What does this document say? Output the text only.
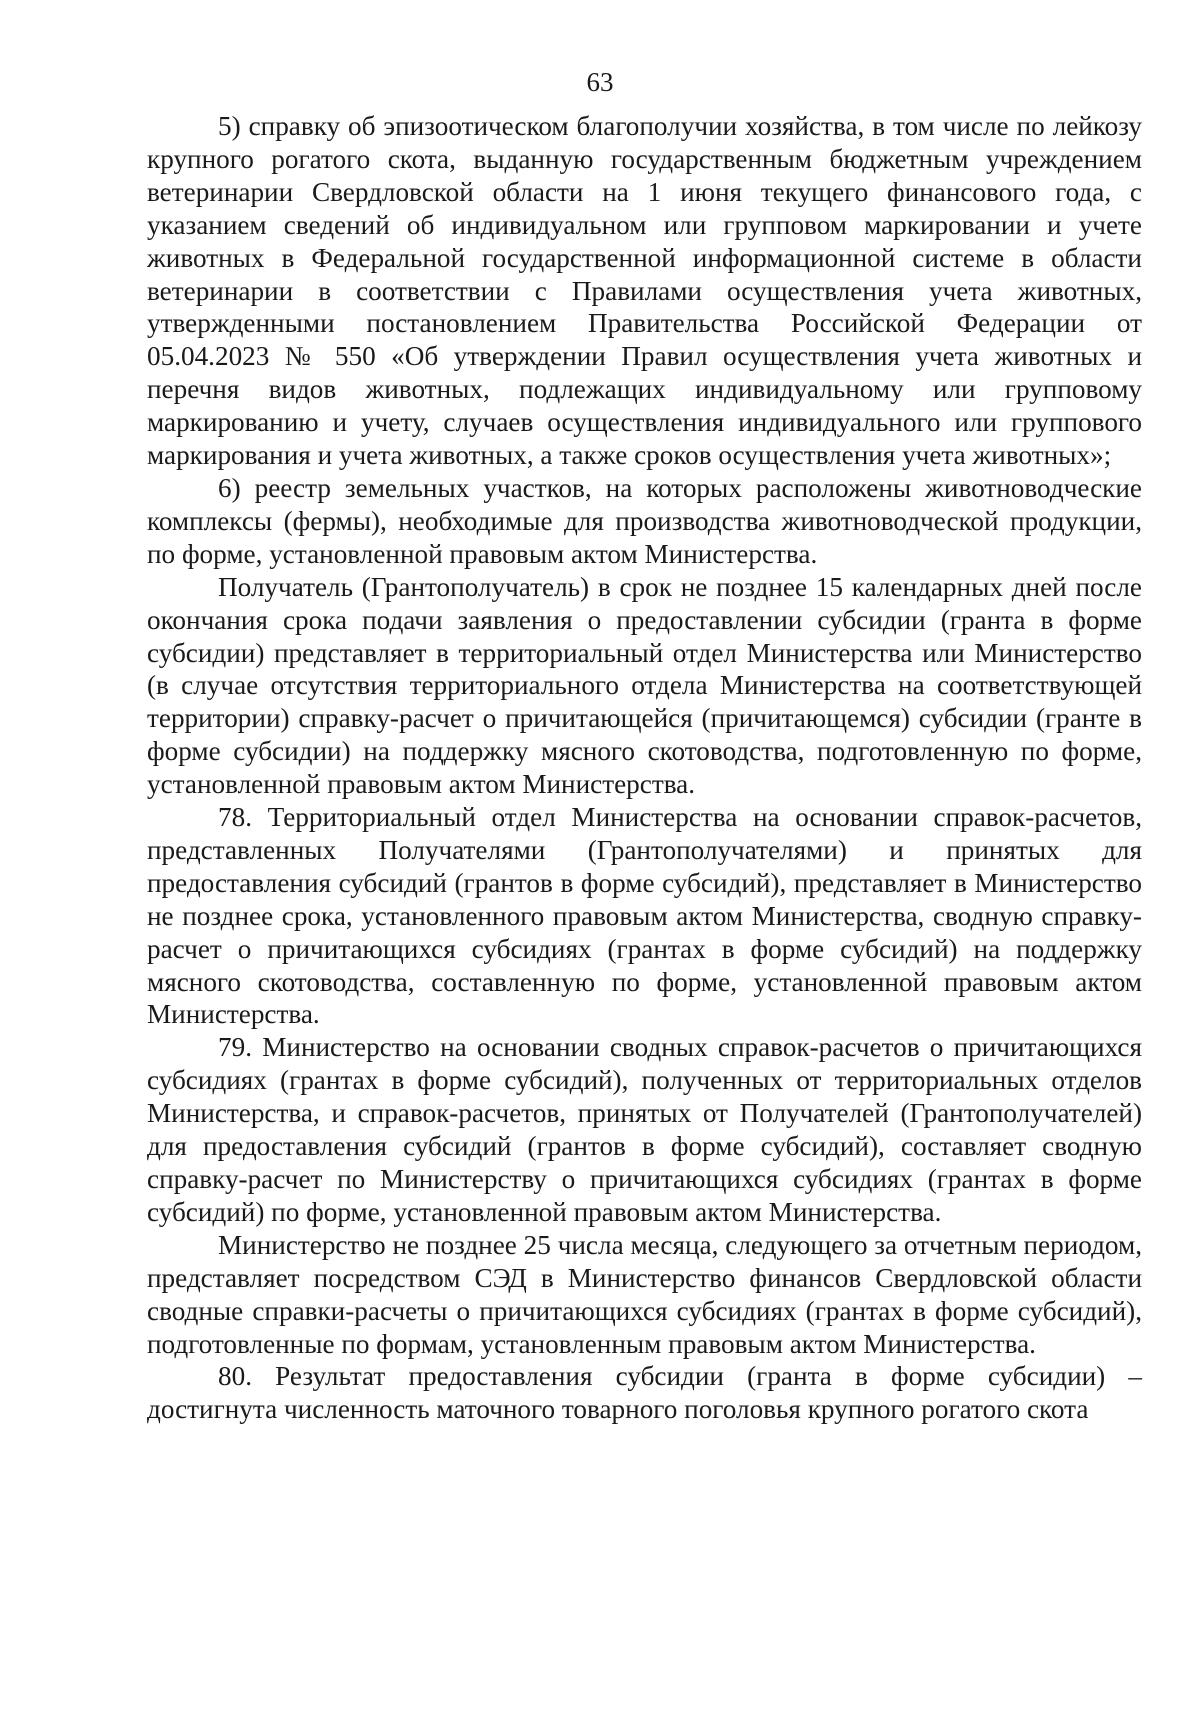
63

5) справку об эпизоотическом благополучии хозяйства, в том числе по лейкозу крупного рогатого скота, выданную государственным бюджетным учреждением ветеринарии Свердловской области на 1 июня текущего финансового года, с указанием сведений об индивидуальном или групповом маркировании и учете животных в Федеральной государственной информационной системе в области ветеринарии в соответствии с Правилами осуществления учета животных, утвержденными постановлением Правительства Российской Федерации от 05.04.2023 № 550 «Об утверждении Правил осуществления учета животных и перечня видов животных, подлежащих индивидуальному или групповому маркированию и учету, случаев осуществления индивидуального или группового маркирования и учета животных, а также сроков осуществления учета животных»;

6) реестр земельных участков, на которых расположены животноводческие комплексы (фермы), необходимые для производства животноводческой продукции, по форме, установленной правовым актом Министерства.

Получатель (Грантополучатель) в срок не позднее 15 календарных дней после окончания срока подачи заявления о предоставлении субсидии (гранта в форме субсидии) представляет в территориальный отдел Министерства или Министерство (в случае отсутствия территориального отдела Министерства на соответствующей территории) справку-расчет о причитающейся (причитающемся) субсидии (гранте в форме субсидии) на поддержку мясного скотоводства, подготовленную по форме, установленной правовым актом Министерства.

78. Территориальный отдел Министерства на основании справок-расчетов, представленных Получателями (Грантополучателями) и принятых для предоставления субсидий (грантов в форме субсидий), представляет в Министерство не позднее срока, установленного правовым актом Министерства, сводную справку-расчет о причитающихся субсидиях (грантах в форме субсидий) на поддержку мясного скотоводства, составленную по форме, установленной правовым актом Министерства.

79. Министерство на основании сводных справок-расчетов о причитающихся субсидиях (грантах в форме субсидий), полученных от территориальных отделов Министерства, и справок-расчетов, принятых от Получателей (Грантополучателей) для предоставления субсидий (грантов в форме субсидий), составляет сводную справку-расчет по Министерству о причитающихся субсидиях (грантах в форме субсидий) по форме, установленной правовым актом Министерства.

Министерство не позднее 25 числа месяца, следующего за отчетным периодом, представляет посредством СЭД в Министерство финансов Свердловской области сводные справки-расчеты о причитающихся субсидиях (грантах в форме субсидий), подготовленные по формам, установленным правовым актом Министерства.

80. Результат предоставления субсидии (гранта в форме субсидии) – достигнута численность маточного товарного поголовья крупного рогатого скота
